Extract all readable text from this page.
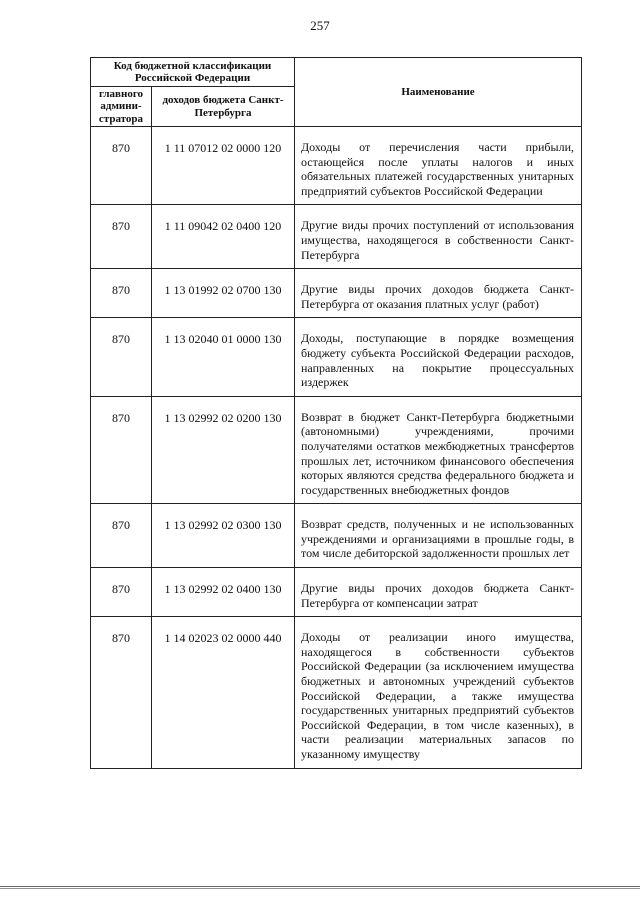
257
Код бюджетной классификации Российской Федерации		Наименование
главного админи-стратора	доходов бюджета Санкт-Петербурга	
870	1 11 07012 02 0000 120	Доходы от перечисления части прибыли, остающейся после уплаты налогов и иных обязательных платежей государственных унитарных предприятий субъектов Российской Федерации
870	1 11 09042 02 0400 120	Другие виды прочих поступлений от использования имущества, находящегося в собственности Санкт-Петербурга
870	1 13 01992 02 0700 130	Другие виды прочих доходов бюджета Санкт-Петербурга от оказания платных услуг (работ)
870	1 13 02040 01 0000 130	Доходы, поступающие в порядке возмещения бюджету субъекта Российской Федерации расходов, направленных на покрытие процессуальных издержек
870	1 13 02992 02 0200 130	Возврат в бюджет Санкт-Петербурга бюджетными (автономными) учреждениями, прочими получателями остатков межбюджетных трансфертов прошлых лет, источником финансового обеспечения которых являются средства федерального бюджета и государственных внебюджетных фондов
870	1 13 02992 02 0300 130	Возврат средств, полученных и не использованных учреждениями и организациями в прошлые годы, в том числе дебиторской задолженности прошлых лет
870	1 13 02992 02 0400 130	Другие виды прочих доходов бюджета Санкт-Петербурга от компенсации затрат
870	1 14 02023 02 0000 440	Доходы от реализации иного имущества, находящегося в собственности субъектов Российской Федерации (за исключением имущества бюджетных и автономных учреждений субъектов Российской Федерации, а также имущества государственных унитарных предприятий субъектов Российской Федерации, в том числе казенных), в части реализации материальных запасов по указанному имуществу
